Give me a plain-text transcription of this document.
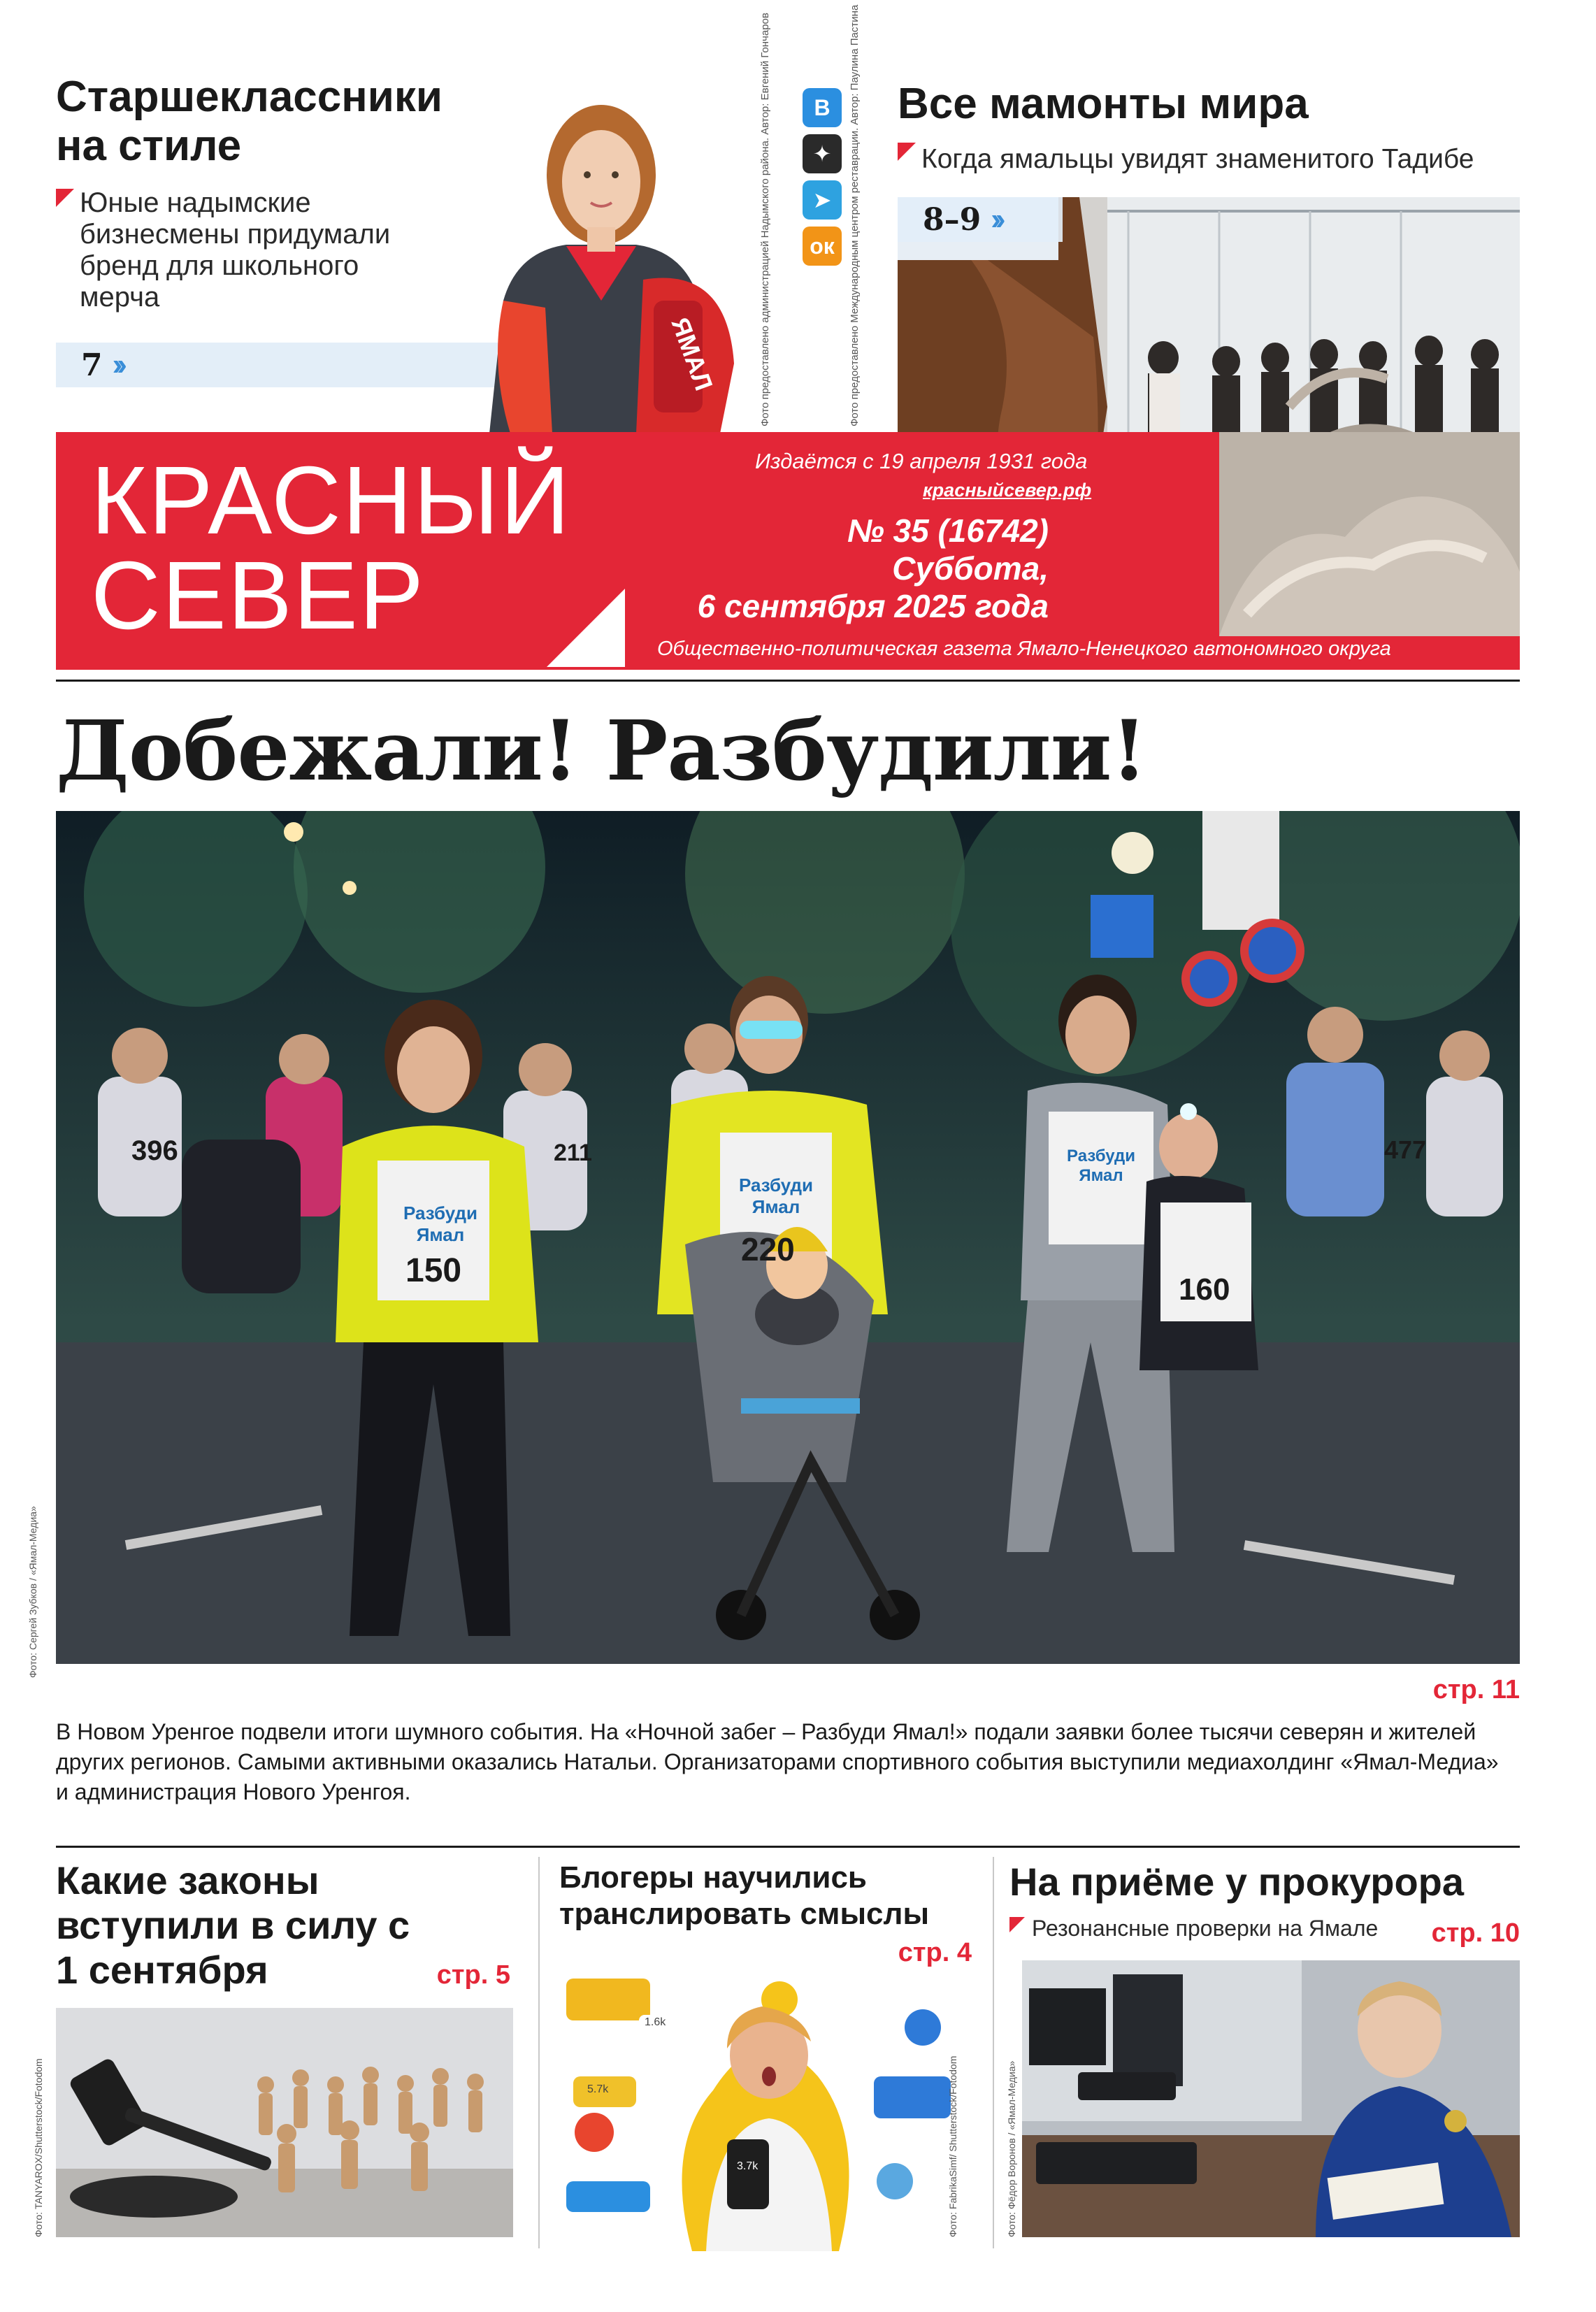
Старшеклассники на стиле
Юные надымские бизнесмены придумали бренд для школьного мерча
7 ››	ЯМАЛ	Фото предоставлено администрацией Надымского района. Автор: Евгений Гончаров	В
✦
➤
ок	Фото предоставлено Международным центром реставрации. Автор: Паулина Пастина Все мамонты мира
Когда ямальцы увидят знаменитого Тадибе
8–9 ››
КРАСНЫЙ
СЕВЕР
Издаётся с 19 апреля 1931 года
красныйсевер.рф
№ 35 (16742)
Суббота,
6 сентября 2025 года
Общественно-политическая газета Ямало-Ненецкого автономного округа
Добежали! Разбудили!
Фото: Сергей Зубков / «Ямал-Медиа»
396
150
220
160
211	477
Разбуди Ямал
Разбуди Ямал
Разбуди Ямал
стр. 11
В Новом Уренгое подвели итоги шумного события. На «Ночной забег – Разбуди Ямал!» подали заявки более тысячи северян и жителей других регионов. Самыми активными оказались Натальи. Организаторами спортивного события выступили медиахолдинг «Ямал-Медиа» и администрация Нового Уренгоя.
Какие законы вступили в силу с 1 сентября	стр. 5
Фото: TANYAROX/Shutterstock/Fotodom
Блогеры научились транслировать смыслы
стр. 4
1.6k
5.7k
3.7k	Фото: FabrikaSimf/ Shutterstock/Fotodom
На приёме у прокурора
Резонансные проверки на Ямале	стр. 10
Фото: Фёдор Воронов / «Ямал-Медиа»
